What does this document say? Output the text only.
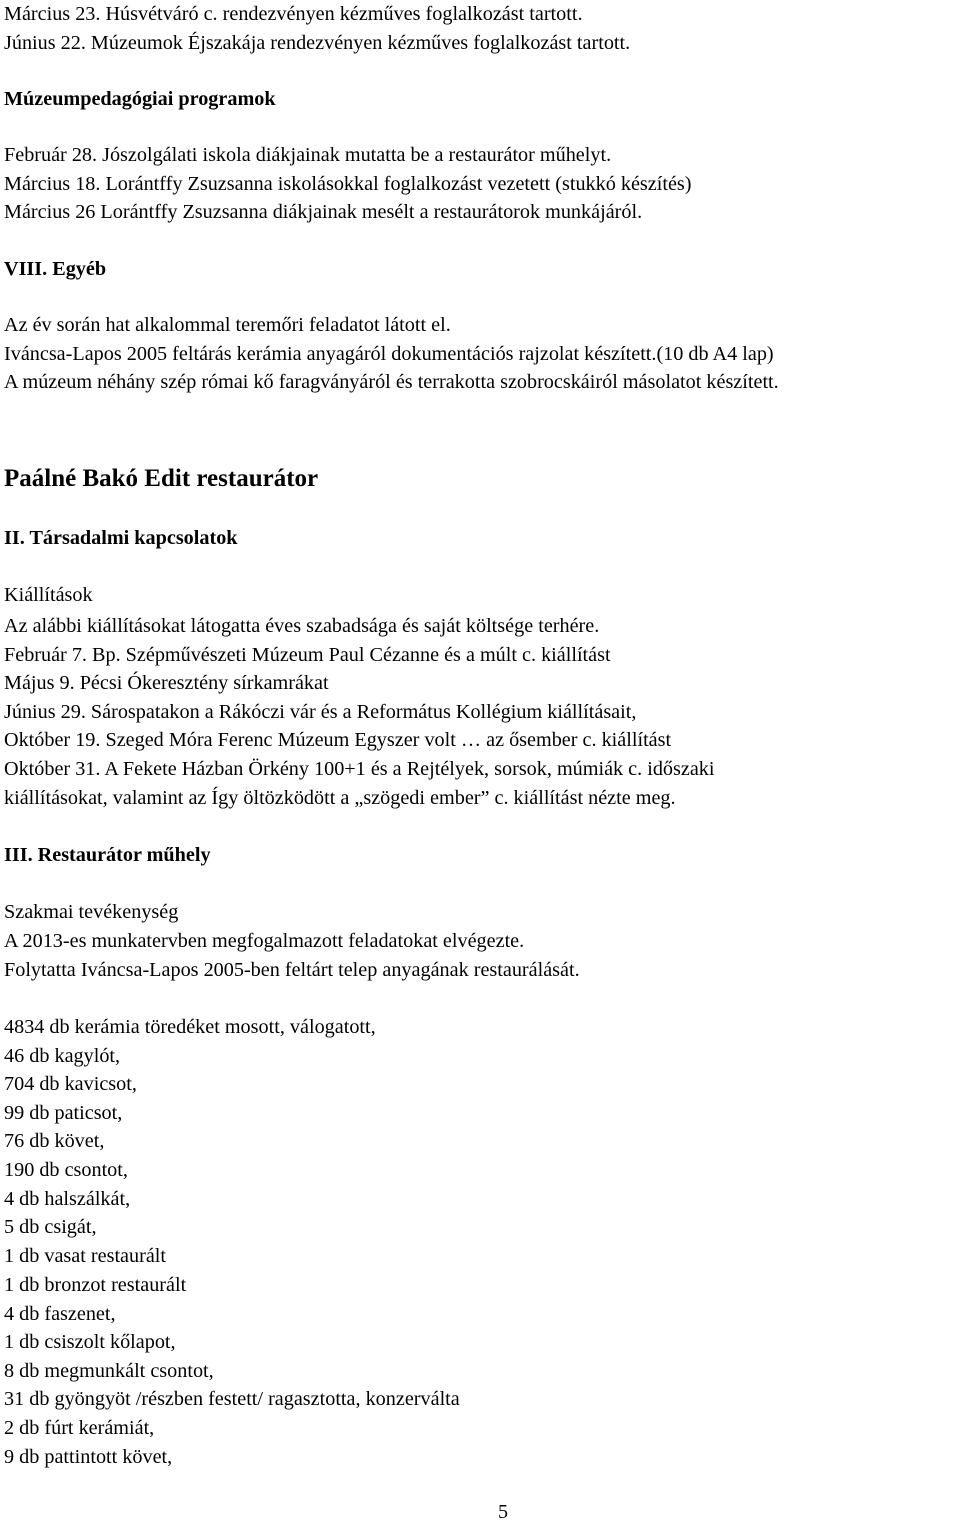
Március 23. Húsvétváró c. rendezvényen kézműves foglalkozást tartott.
Június 22. Múzeumok Éjszakája rendezvényen kézműves foglalkozást tartott.
Múzeumpedagógiai programok
Február 28. Jószolgálati iskola diákjainak mutatta be a restaurátor műhelyt.
Március 18. Lorántffy Zsuzsanna iskolásokkal foglalkozást vezetett (stukkó készítés)
Március 26 Lorántffy Zsuzsanna diákjainak mesélt a restaurátorok munkájáról.
VIII. Egyéb
Az év során hat alkalommal teremőri feladatot látott el.
Iváncsa-Lapos 2005 feltárás kerámia anyagáról dokumentációs rajzolat készített.(10 db A4 lap)
A múzeum néhány szép római kő faragványáról és terrakotta szobrocskáiról másolatot készített.
Paálné Bakó Edit restaurátor
II. Társadalmi kapcsolatok
Kiállítások
Az alábbi kiállításokat látogatta éves szabadsága és saját költsége terhére.
Február 7. Bp. Szépművészeti Múzeum Paul Cézanne és a múlt c. kiállítást
Május 9. Pécsi Ókeresztény sírkamrákat
Június 29. Sárospatakon a Rákóczi vár és a Református Kollégium kiállításait,
Október 19. Szeged Móra Ferenc Múzeum Egyszer volt … az ősember c. kiállítást
Október 31. A Fekete Házban Örkény 100+1 és a Rejtélyek, sorsok, múmiák c. időszaki
kiállításokat, valamint az Így öltözködött a „szögedi ember” c. kiállítást nézte meg.
III. Restaurátor műhely
Szakmai tevékenység
A 2013-es munkatervben megfogalmazott feladatokat elvégezte.
Folytatta Iváncsa-Lapos 2005-ben feltárt telep anyagának restaurálását.
4834 db kerámia töredéket mosott, válogatott,
46 db kagylót,
704 db kavicsot,
99 db paticsot,
76 db követ,
190 db csontot,
4 db halszálkát,
5 db csigát,
1 db vasat restaurált
1 db bronzot restaurált
4 db faszenet,
1 db csiszolt kőlapot,
8 db megmunkált csontot,
31 db gyöngyöt /részben festett/ ragasztotta, konzerválta
2 db fúrt kerámiát,
9 db pattintott követ,
5
